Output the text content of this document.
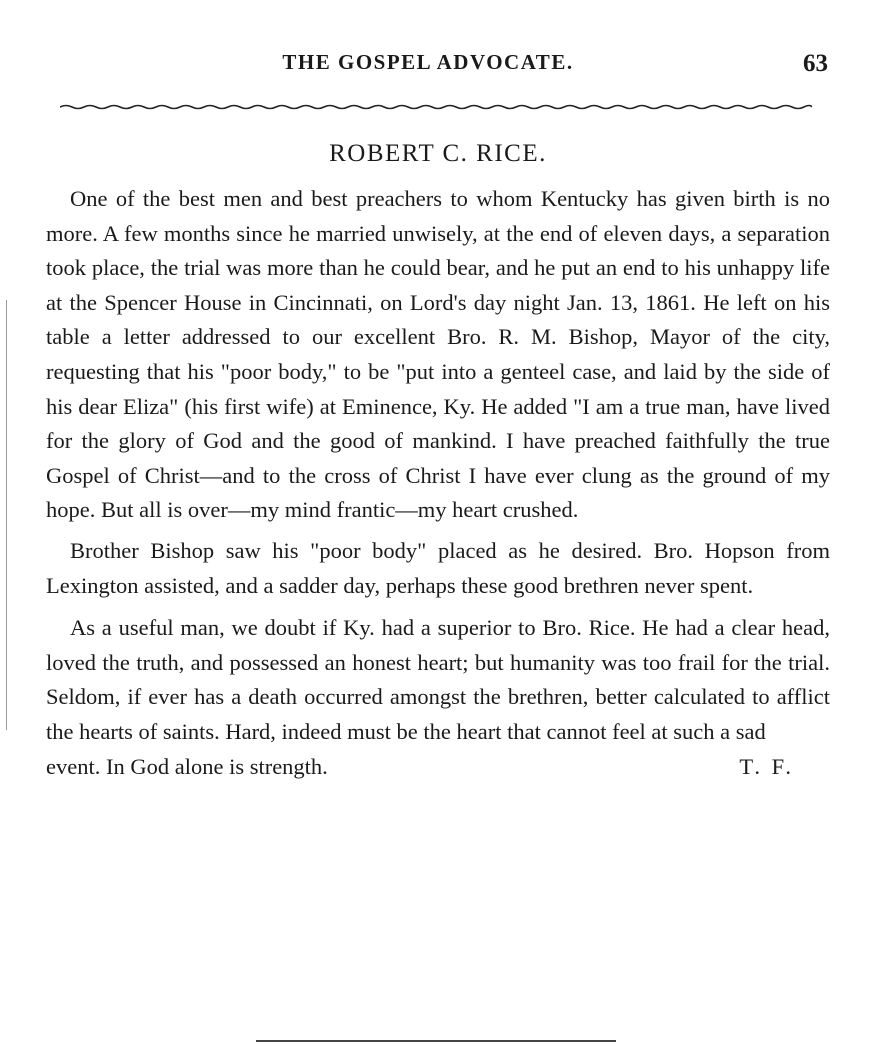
THE GOSPEL ADVOCATE.	63
ROBERT C. RICE.

One of the best men and best preachers to whom Kentucky has given birth is no more. A few months since he married unwisely, at the end of eleven days, a separation took place, the trial was more than he could bear, and he put an end to his unhappy life at the Spencer House in Cincinnati, on Lord's day night Jan. 13, 1861. He left on his table a letter addressed to our excellent Bro. R. M. Bishop, Mayor of the city, requesting that his "poor body," to be "put into a genteel case, and laid by the side of his dear Eliza" (his first wife) at Eminence, Ky. He added "I am a true man, have lived for the glory of God and the good of mankind. I have preached faithfully the true Gospel of Christ—and to the cross of Christ I have ever clung as the ground of my hope. But all is over—my mind frantic—my heart crushed.

Brother Bishop saw his "poor body" placed as he desired. Bro. Hopson from Lexington assisted, and a sadder day, perhaps these good brethren never spent.

As a useful man, we doubt if Ky. had a superior to Bro. Rice. He had a clear head, loved the truth, and possessed an honest heart; but humanity was too frail for the trial. Seldom, if ever has a death occurred amongst the brethren, better calculated to afflict the hearts of saints. Hard, indeed must be the heart that cannot feel at such a sad

event. In God alone is strength.	T. F.
